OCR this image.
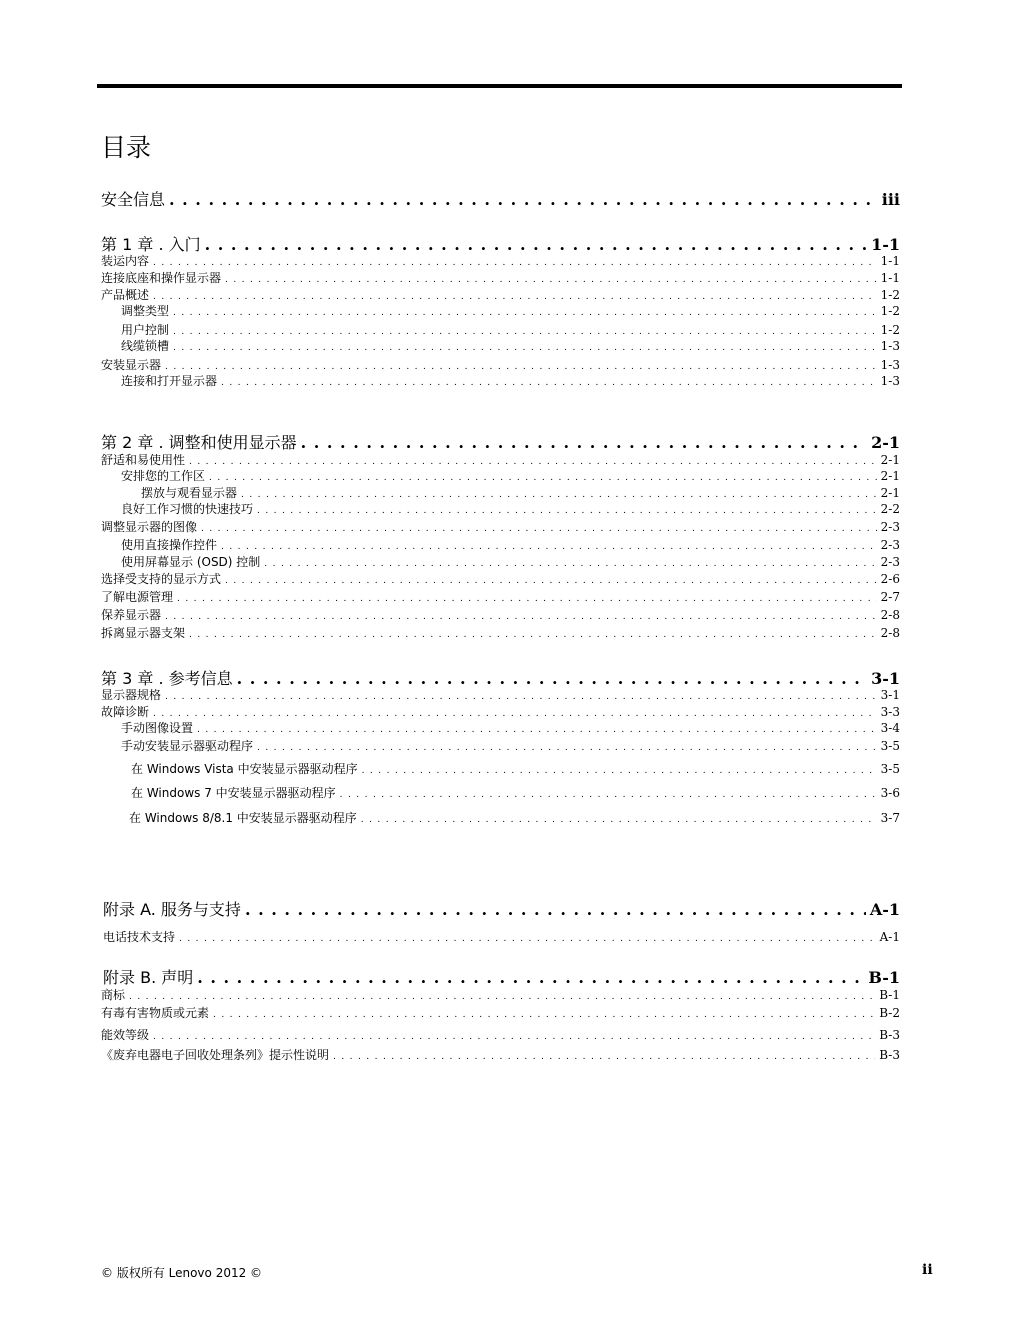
目录
安全信息 . . .	iii
第 1 章 . 入门 . . .	1-1
装运内容 . . .	1-1
连接底座和操作显示器 . . .	1-1
产品概述 . . .	1-2
调整类型 . . .	1-2
用户控制 . . .	1-2
线缆锁槽 . . .	1-3
安装显示器 . . .	1-3
连接和打开显示器 . . .	1-3
第 2 章 . 调整和使用显示器 . . .	2-1
舒适和易使用性 . . .	2-1
安排您的工作区 . . .	2-1
摆放与观看显示器 . . .	2-1
良好工作习惯的快速技巧 . . .	2-2
调整显示器的图像 . . .	2-3
使用直接操作控件 . . .	2-3
使用屏幕显示 (OSD) 控制 . . .	2-3
选择受支持的显示方式 . . .	2-6
了解电源管理 . . .	2-7
保养显示器 . . .	2-8
拆离显示器支架 . . .	2-8
第 3 章 . 参考信息 . . .	3-1
显示器规格 . . .	3-1
故障诊断 . . .	3-3
手动图像设置 . . .	3-4
手动安装显示器驱动程序 . . .	3-5
在 Windows Vista 中安装显示器驱动程序 . . .	3-5
在 Windows 7 中安装显示器驱动程序 . . .	3-6
在 Windows 8/8.1 中安装显示器驱动程序 . . .	3-7
附录 A. 服务与支持 . . .	A-1
电话技术支持 . . .	A-1
附录 B. 声明 . . .	B-1
商标 . . .	B-1
有毒有害物质或元素 . . .	B-2
能效等级 . . .	B-3
《废弃电器电子回收处理条列》提示性说明 . . .	B-3
© 版权所有 Lenovo 2012 ©	ii
